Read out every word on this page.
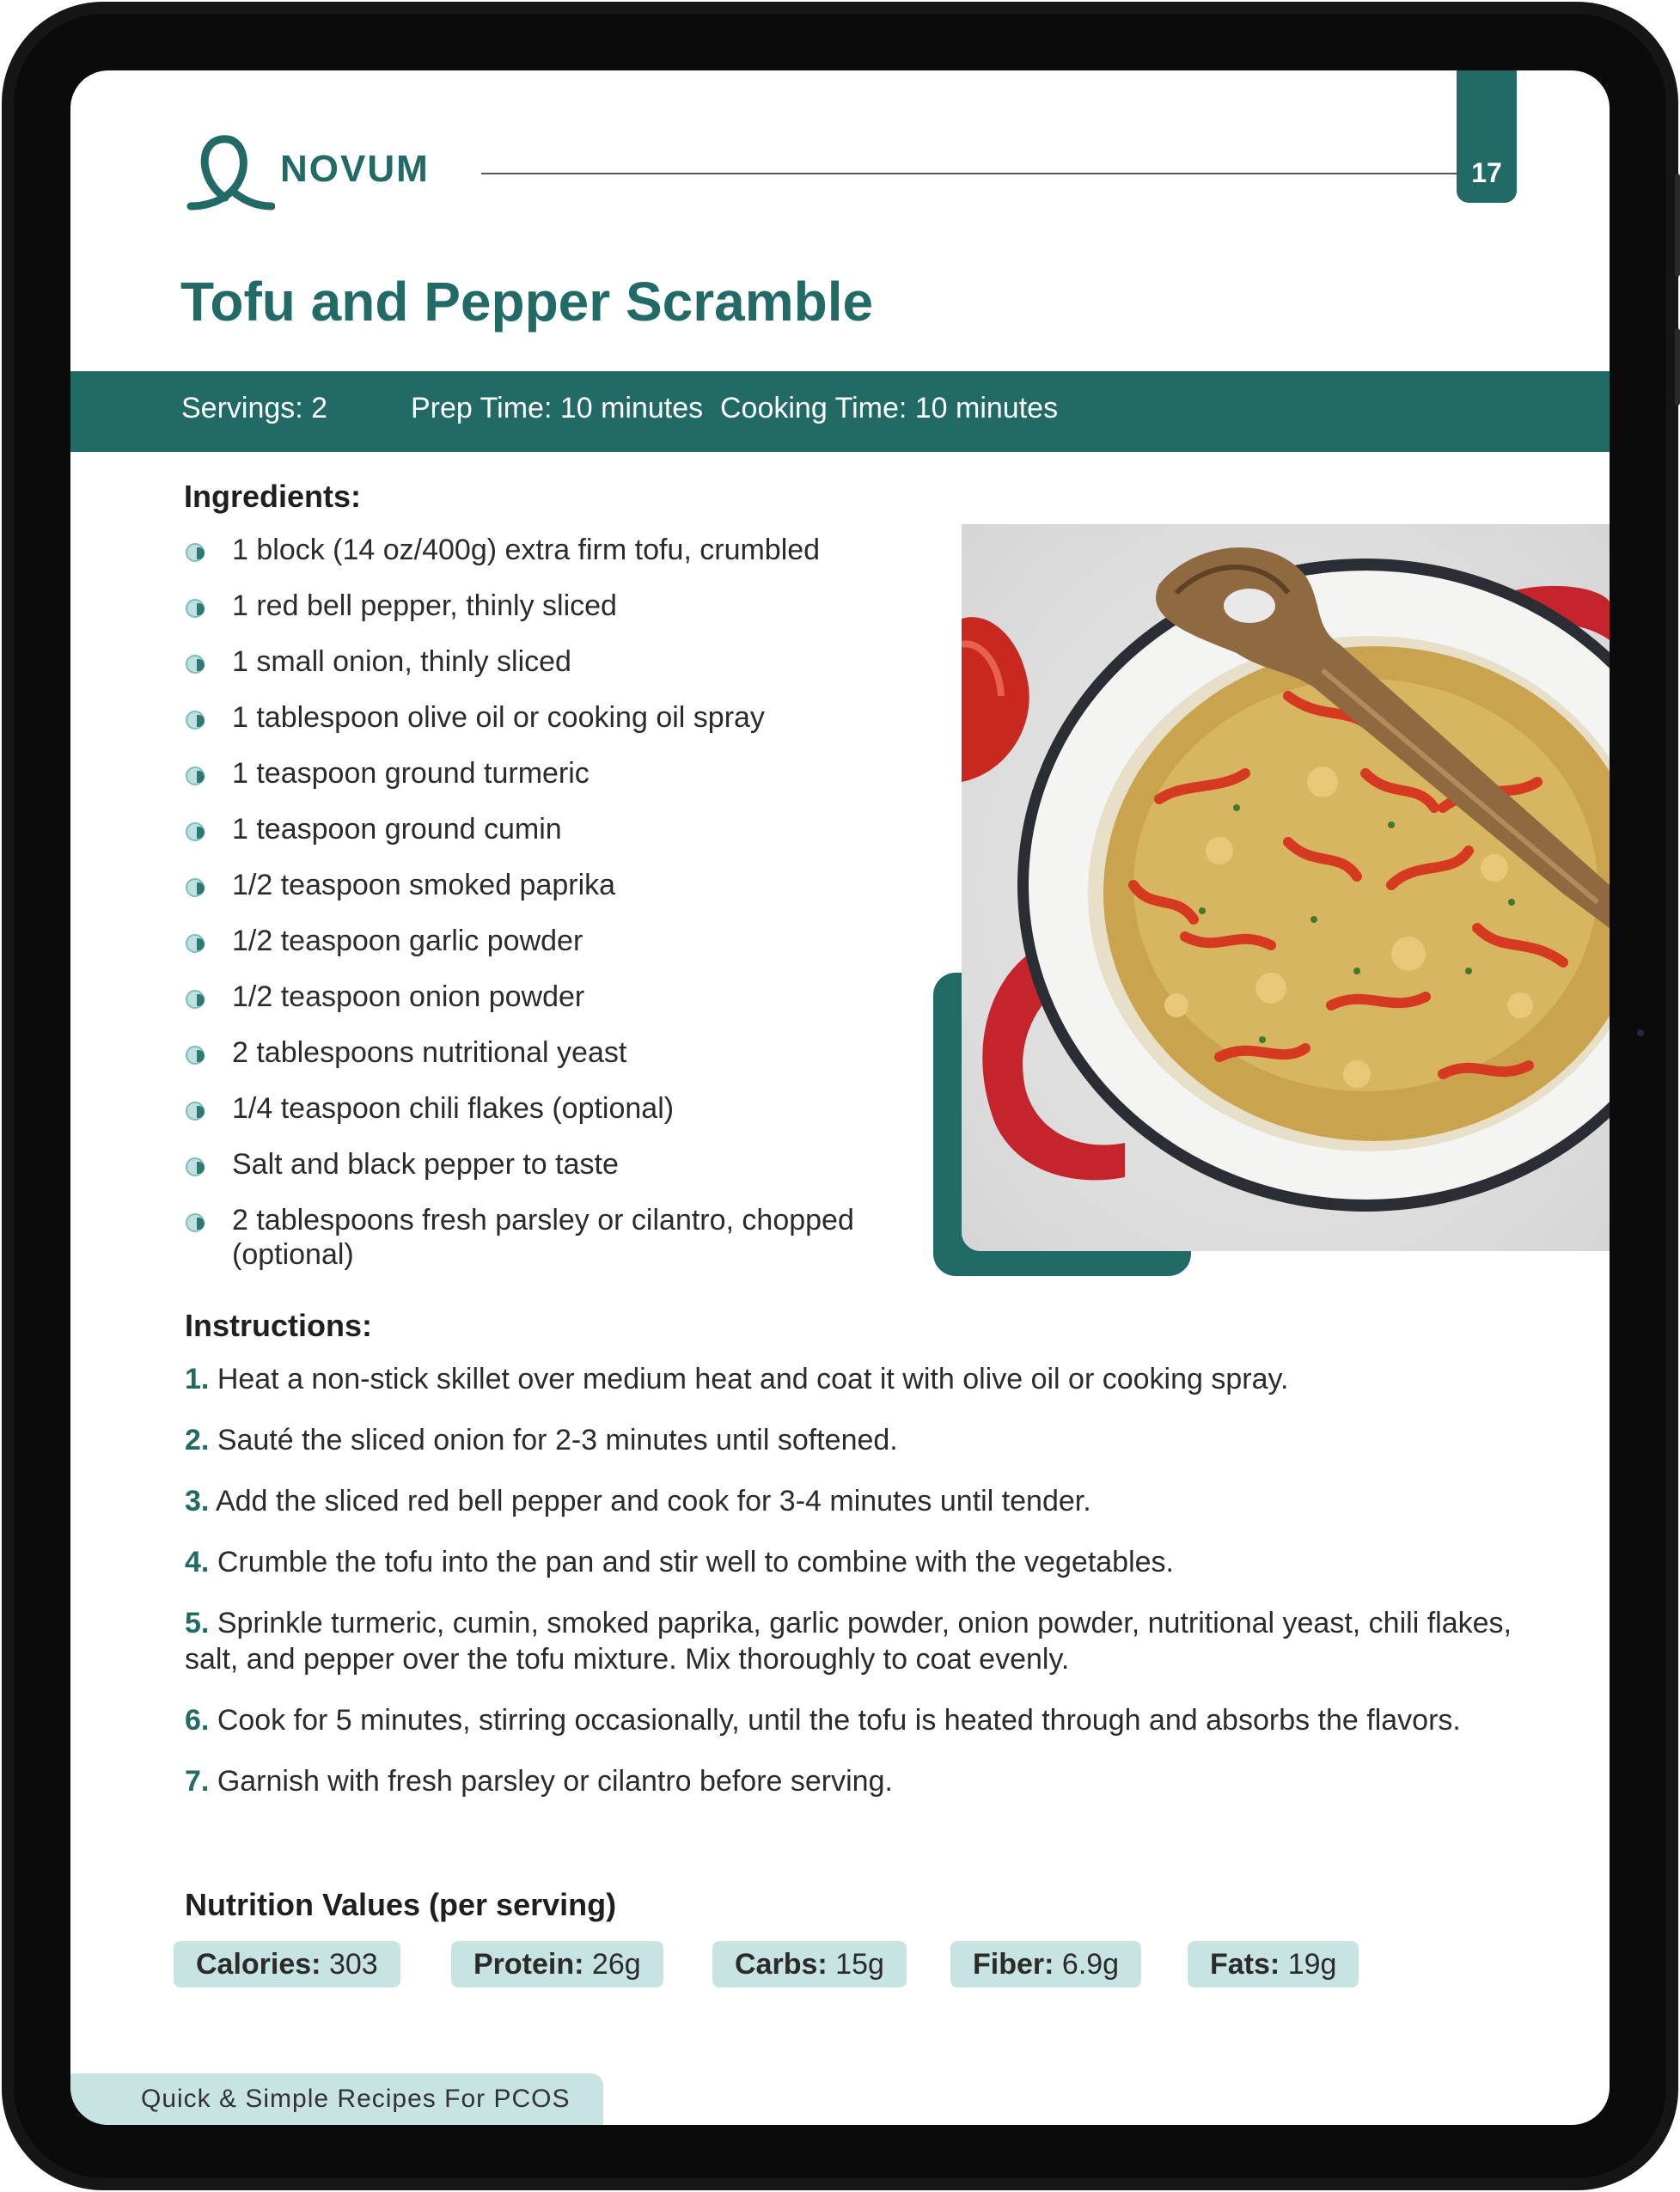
NOVUM	17
Tofu and Pepper Scramble
Servings: 2	Prep Time: 10 minutes Cooking Time: 10 minutes
Ingredients:
1 block (14 oz/400g) extra firm tofu, crumbled
1 red bell pepper, thinly sliced
1 small onion, thinly sliced
1 tablespoon olive oil or cooking oil spray
1 teaspoon ground turmeric
1 teaspoon ground cumin
1/2 teaspoon smoked paprika
1/2 teaspoon garlic powder
1/2 teaspoon onion powder
2 tablespoons nutritional yeast
1/4 teaspoon chili flakes (optional)
Salt and black pepper to taste
2 tablespoons fresh parsley or cilantro, chopped (optional)
Instructions:
1. Heat a non-stick skillet over medium heat and coat it with olive oil or cooking spray.
2. Sauté the sliced onion for 2-3 minutes until softened.
3. Add the sliced red bell pepper and cook for 3-4 minutes until tender.
4. Crumble the tofu into the pan and stir well to combine with the vegetables.
5. Sprinkle turmeric, cumin, smoked paprika, garlic powder, onion powder, nutritional yeast, chili flakes, salt, and pepper over the tofu mixture. Mix thoroughly to coat evenly.
6. Cook for 5 minutes, stirring occasionally, until the tofu is heated through and absorbs the flavors.
7. Garnish with fresh parsley or cilantro before serving.
Nutrition Values (per serving)
Calories: 303	Protein: 26g	Carbs: 15g	Fiber: 6.9g	Fats: 19g
Quick & Simple Recipes For PCOS
